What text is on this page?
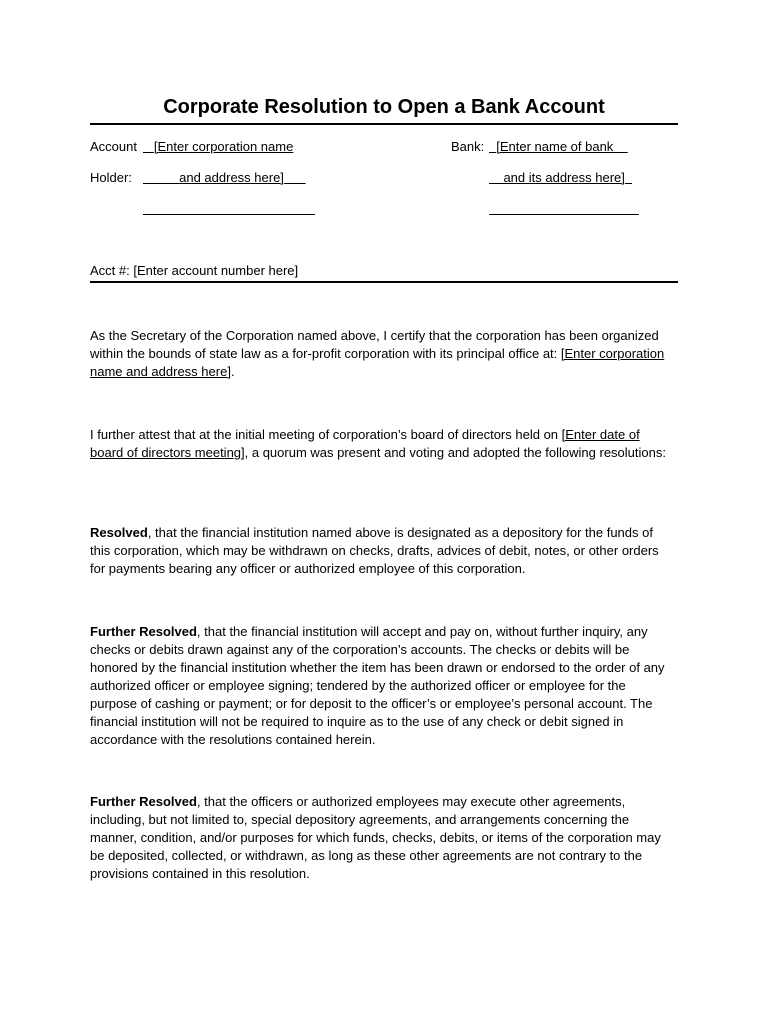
Corporate Resolution to Open a Bank Account
Account	[Enter corporation name
Holder:	and address here]
Bank: [Enter name of bank
and its address here]
Acct #: [Enter account number here]

As the Secretary of the Corporation named above, I certify that the corporation has been organized within the bounds of state law as a for-profit corporation with its principal office at: [Enter corporation name and address here].

I further attest that at the initial meeting of corporation’s board of directors held on [Enter date of board of directors meeting], a quorum was present and voting and adopted the following resolutions:

Resolved, that the financial institution named above is designated as a depository for the funds of this corporation, which may be withdrawn on checks, drafts, advices of debit, notes, or other orders for payments bearing any officer or authorized employee of this corporation.

Further Resolved, that the financial institution will accept and pay on, without further inquiry, any checks or debits drawn against any of the corporation’s accounts. The checks or debits will be honored by the financial institution whether the item has been drawn or endorsed to the order of any authorized officer or employee signing; tendered by the authorized officer or employee for the purpose of cashing or payment; or for deposit to the officer’s or employee’s personal account. The financial institution will not be required to inquire as to the use of any check or debit signed in accordance with the resolutions contained herein.

Further Resolved, that the officers or authorized employees may execute other agreements, including, but not limited to, special depository agreements, and arrangements concerning the manner, condition, and/or purposes for which funds, checks, debits, or items of the corporation may be deposited, collected, or withdrawn, as long as these other agreements are not contrary to the provisions contained in this resolution.
